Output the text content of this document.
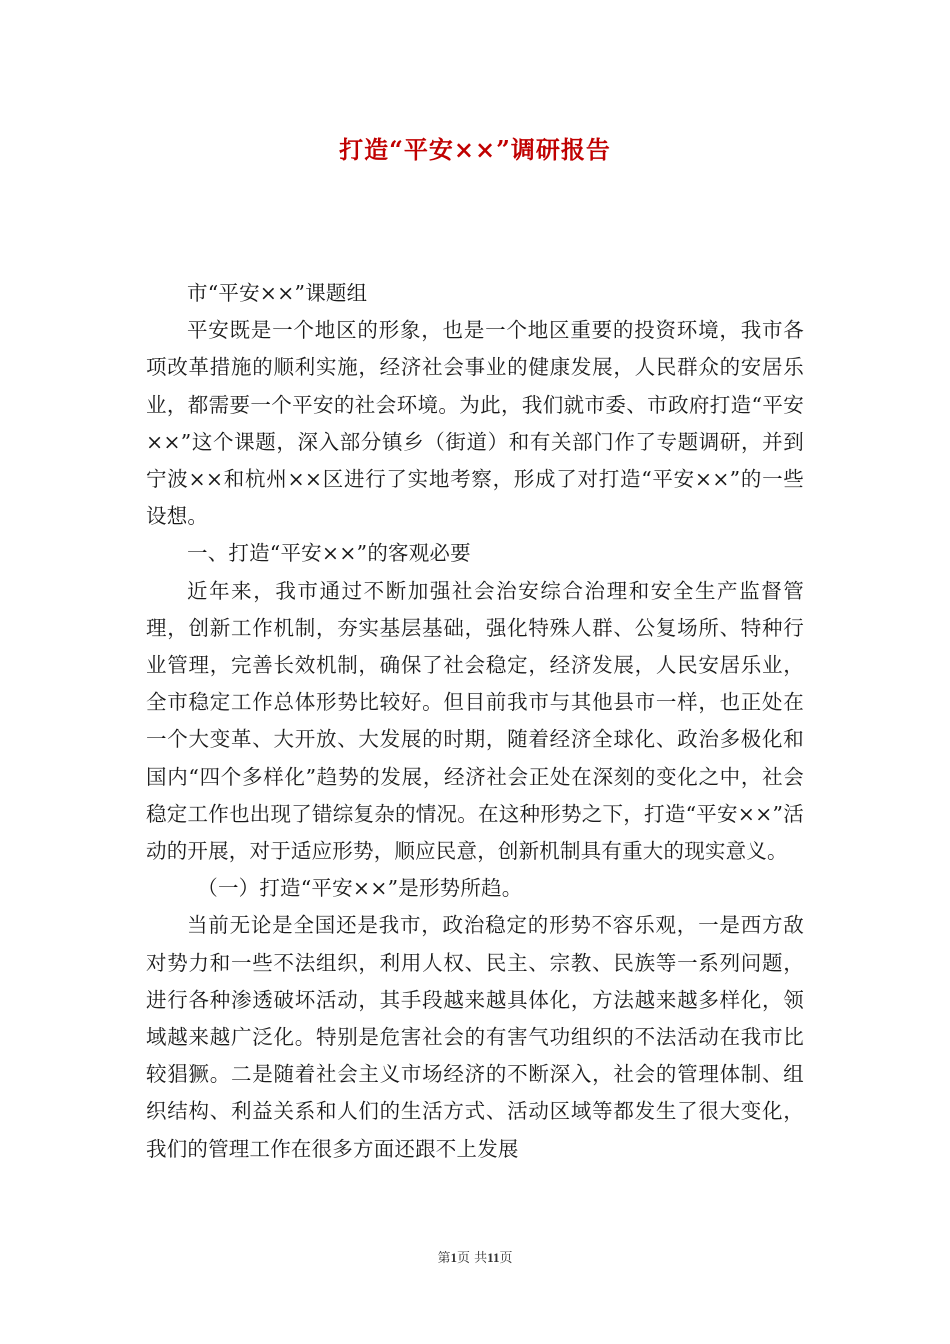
打造“平安××”调研报告

市“平安××”课题组

平安既是一个地区的形象，也是一个地区重要的投资环境，我市各项改革措施的顺利实施，经济社会事业的健康发展，人民群众的安居乐业，都需要一个平安的社会环境。为此，我们就市委、市政府打造“平安××”这个课题，深入部分镇乡（街道）和有关部门作了专题调研，并到宁波××和杭州××区进行了实地考察，形成了对打造“平安××”的一些设想。

一、打造“平安××”的客观必要

近年来，我市通过不断加强社会治安综合治理和安全生产监督管理，创新工作机制，夯实基层基础，强化特殊人群、公复场所、特种行业管理，完善长效机制，确保了社会稳定，经济发展，人民安居乐业，全市稳定工作总体形势比较好。但目前我市与其他县市一样，也正处在一个大变革、大开放、大发展的时期，随着经济全球化、政治多极化和国内“四个多样化”趋势的发展，经济社会正处在深刻的变化之中，社会稳定工作也出现了错综复杂的情况。在这种形势之下，打造“平安××”活动的开展，对于适应形势，顺应民意，创新机制具有重大的现实意义。

（一）打造“平安××”是形势所趋。

当前无论是全国还是我市，政治稳定的形势不容乐观，一是西方敌对势力和一些不法组织，利用人权、民主、宗教、民族等一系列问题，进行各种渗透破坏活动，其手段越来越具体化，方法越来越多样化，领域越来越广泛化。特别是危害社会的有害气功组织的不法活动在我市比较猖獗。二是随着社会主义市场经济的不断深入，社会的管理体制、组织结构、利益关系和人们的生活方式、活动区域等都发生了很大变化，我们的管理工作在很多方面还跟不上发展

第1页 共11页
